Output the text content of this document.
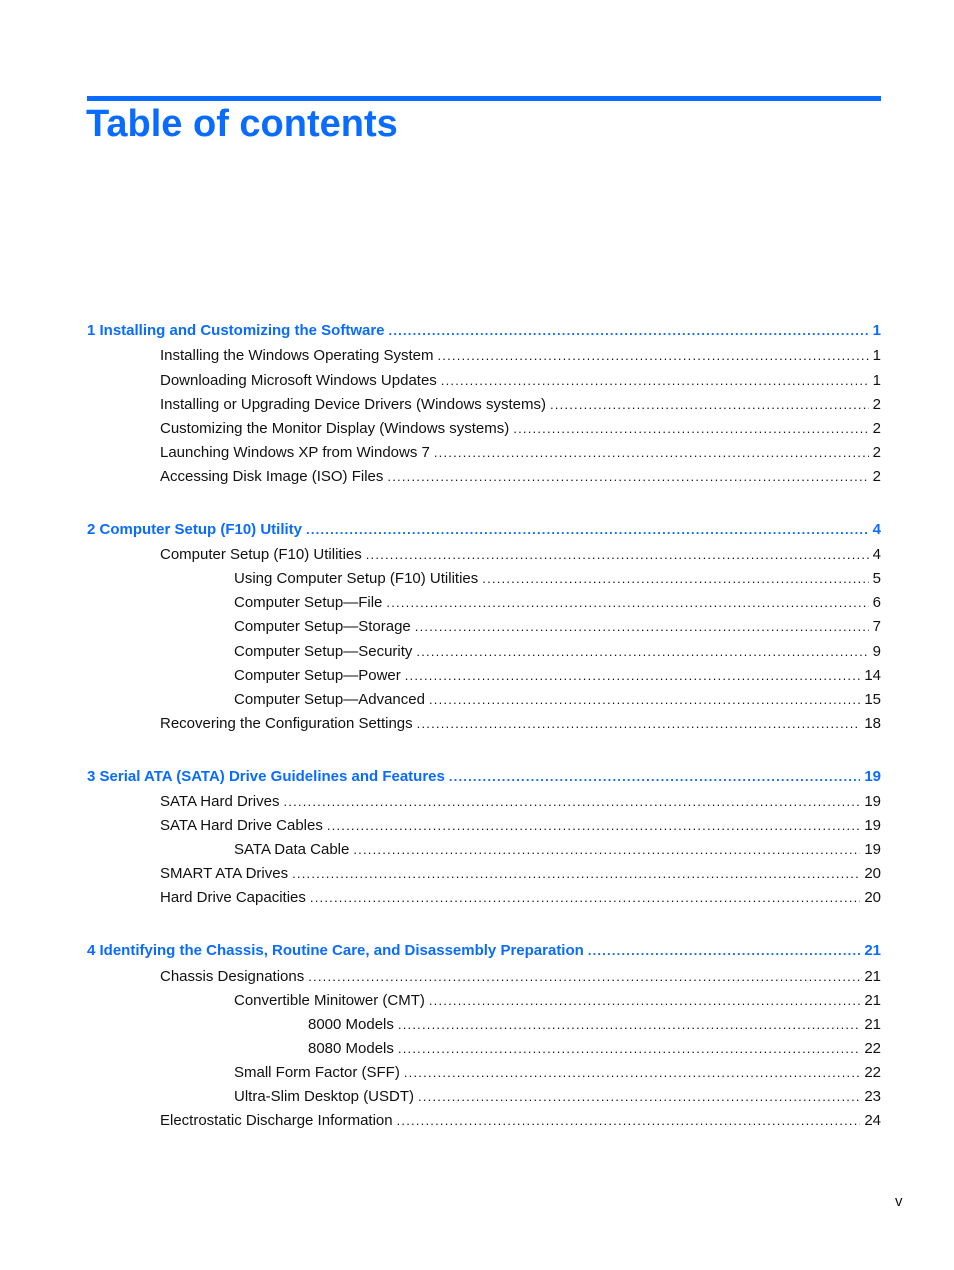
Table of contents
1 Installing and Customizing the Software .....	1
Installing the Windows Operating System .....	1
Downloading Microsoft Windows Updates .....	1
Installing or Upgrading Device Drivers (Windows systems) .....	2
Customizing the Monitor Display (Windows systems) .....	2
Launching Windows XP from Windows 7 .....	2
Accessing Disk Image (ISO) Files .....	2
2 Computer Setup (F10) Utility .....	4
Computer Setup (F10) Utilities .....	4
Using Computer Setup (F10) Utilities .....	5
Computer Setup—File .....	6
Computer Setup—Storage .....	7
Computer Setup—Security .....	9
Computer Setup—Power .....	14
Computer Setup—Advanced .....	15
Recovering the Configuration Settings .....	18
3 Serial ATA (SATA) Drive Guidelines and Features .....	19
SATA Hard Drives .....	19
SATA Hard Drive Cables .....	19
SATA Data Cable .....	19
SMART ATA Drives .....	20
Hard Drive Capacities .....	20
4 Identifying the Chassis, Routine Care, and Disassembly Preparation .....	21
Chassis Designations .....	21
Convertible Minitower (CMT) .....	21
8000 Models .....	21
8080 Models .....	22
Small Form Factor (SFF) .....	22
Ultra-Slim Desktop (USDT) .....	23
Electrostatic Discharge Information .....	24
v
